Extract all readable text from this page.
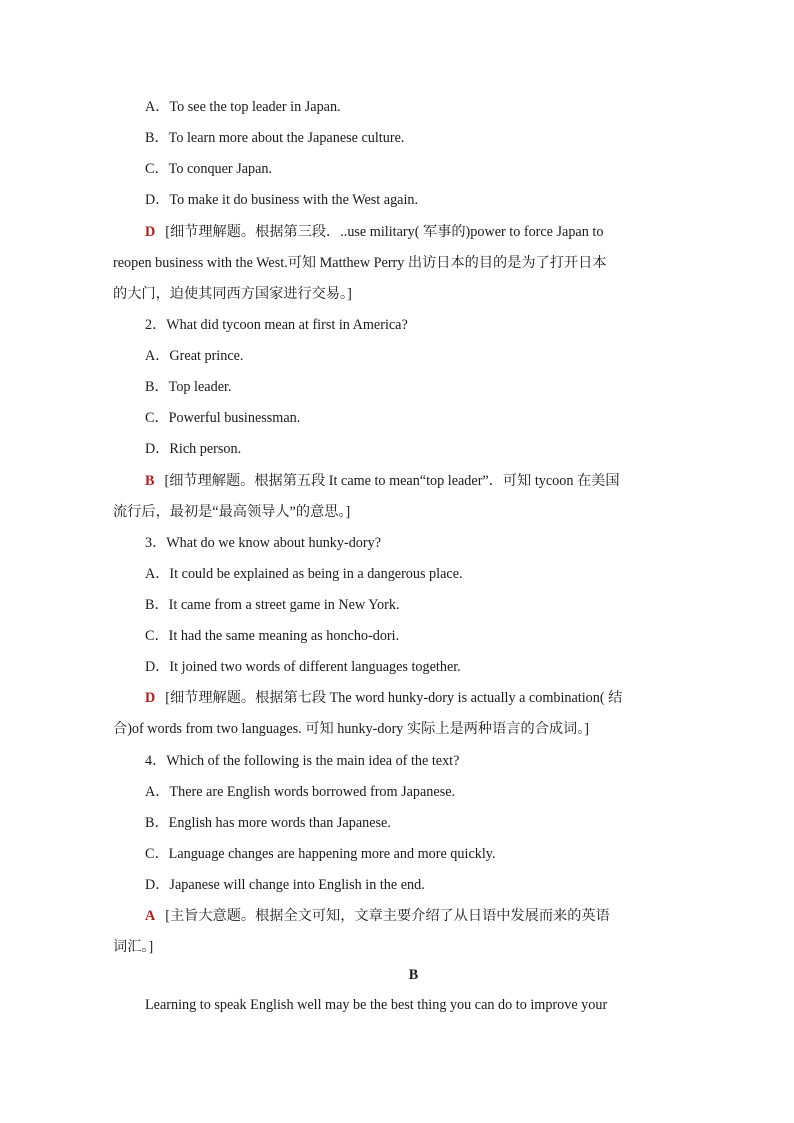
A．To see the top leader in Japan.
B．To learn more about the Japanese culture.
C．To conquer Japan.
D．To make it do business with the West again.
D [细节理解题。根据第三段．..use military( 军事的)power to force Japan to
reopen business with the West.可知 Matthew Perry 出访日本的目的是为了打开日本
的大门，迫使其同西方国家进行交易。]
2．What did tycoon mean at first in America?
A．Great prince.
B．Top leader.
C．Powerful businessman.
D．Rich person.
B [细节理解题。根据第五段 It came to mean“top leader”．可知 tycoon 在美国
流行后，最初是“最高领导人”的意思。]
3．What do we know about hunky-dory?
A．It could be explained as being in a dangerous place.
B．It came from a street game in New York.
C．It had the same meaning as honcho-dori.
D．It joined two words of different languages together.
D [细节理解题。根据第七段 The word hunky-dory is actually a combination( 结
合)of words from two languages. 可知 hunky-dory 实际上是两种语言的合成词。]
4．Which of the following is the main idea of the text?
A．There are English words borrowed from Japanese.
B．English has more words than Japanese.
C．Language changes are happening more and more quickly.
D．Japanese will change into English in the end.
A [主旨大意题。根据全文可知，文章主要介绍了从日语中发展而来的英语
词汇。]
B
Learning to speak English well may be the best thing you can do to improve your
